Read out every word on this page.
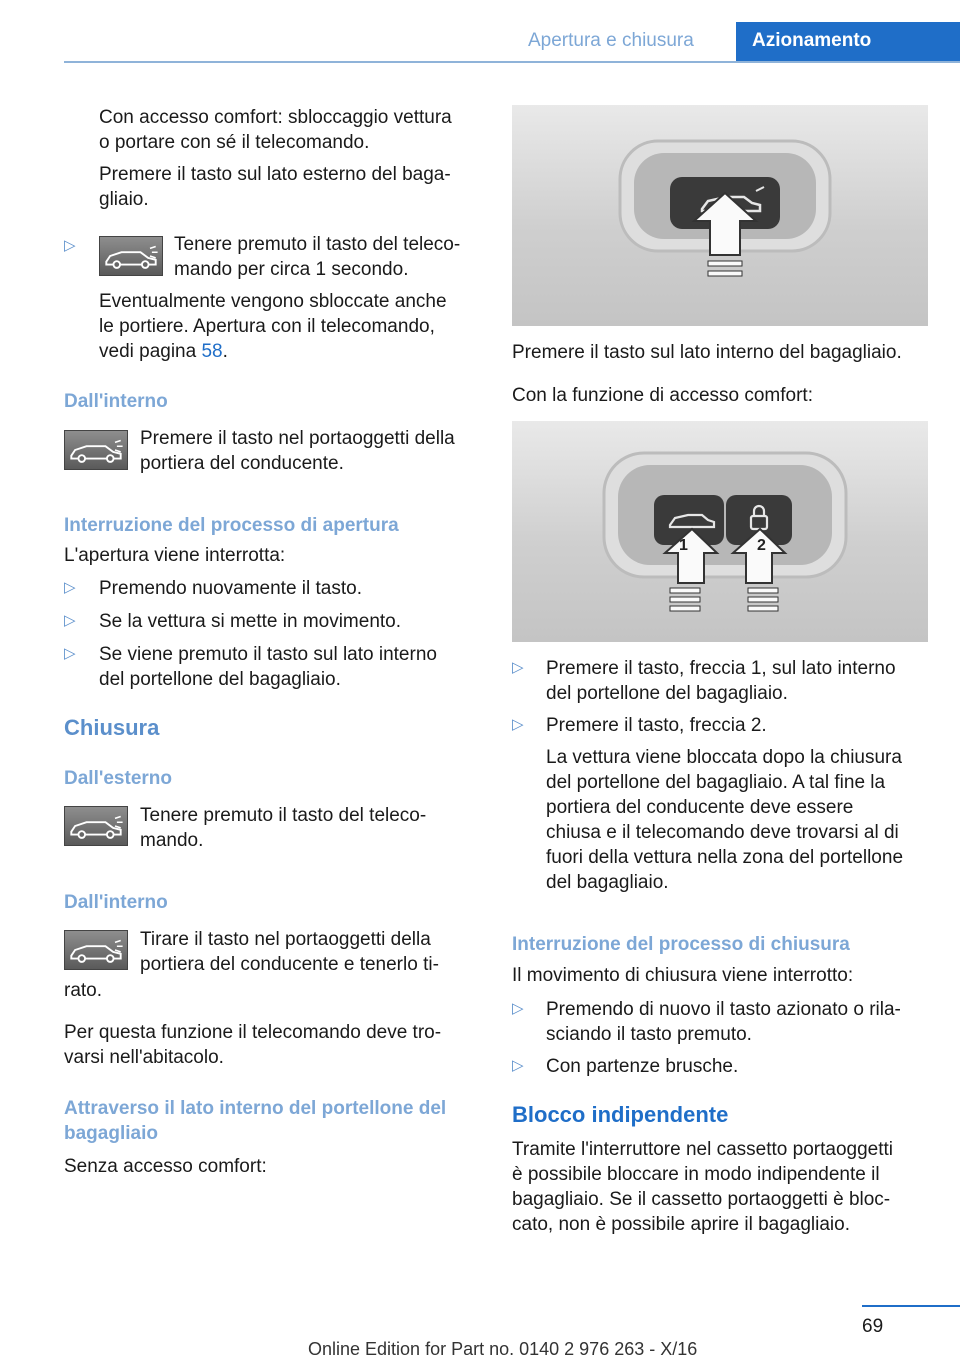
Apertura e chiusura	Azionamento
Con accesso comfort: sbloccaggio vettura
o portare con sé il telecomando.
Premere il tasto sul lato esterno del baga-
gliaio.
▷	Tenere premuto il tasto del teleco-
mando per circa 1 secondo.
Eventualmente vengono sbloccate anche
le portiere. Apertura con il telecomando,
vedi pagina 58.
Dall'interno
Premere il tasto nel portaoggetti della
portiera del conducente.
Interruzione del processo di apertura
L'apertura viene interrotta:
▷ Premendo nuovamente il tasto.
▷ Se la vettura si mette in movimento.
▷ Se viene premuto il tasto sul lato interno
del portellone del bagagliaio.
Chiusura
Dall'esterno
Tenere premuto il tasto del teleco-
mando.
Dall'interno
Tirare il tasto nel portaoggetti della
portiera del conducente e tenerlo ti-
rato.
Per questa funzione il telecomando deve tro-
varsi nell'abitacolo.
Attraverso il lato interno del portellone del
bagagliaio
Senza accesso comfort:
Premere il tasto sul lato interno del bagagliaio.
Con la funzione di accesso comfort:
1	2
▷ Premere il tasto, freccia 1, sul lato interno
del portellone del bagagliaio.
▷ Premere il tasto, freccia 2.
La vettura viene bloccata dopo la chiusura
del portellone del bagagliaio. A tal fine la
portiera del conducente deve essere
chiusa e il telecomando deve trovarsi al di
fuori della vettura nella zona del portellone
del bagagliaio.
Interruzione del processo di chiusura
Il movimento di chiusura viene interrotto:
▷ Premendo di nuovo il tasto azionato o rila-
sciando il tasto premuto.
▷ Con partenze brusche.
Blocco indipendente
Tramite l'interruttore nel cassetto portaoggetti
è possibile bloccare in modo indipendente il
bagagliaio. Se il cassetto portaoggetti è bloc-
cato, non è possibile aprire il bagagliaio.
69
Online Edition for Part no. 0140 2 976 263 - X/16
